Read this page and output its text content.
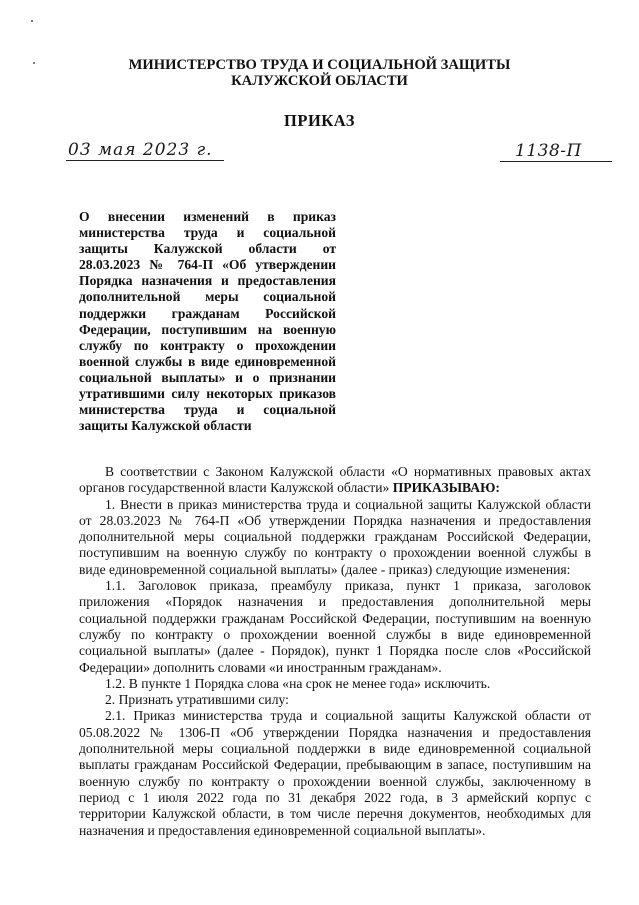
МИНИСТЕРСТВО ТРУДА И СОЦИАЛЬНОЙ ЗАЩИТЫ
КАЛУЖСКОЙ ОБЛАСТИ
ПРИКАЗ
03 мая 2023 г.	1138-П
О внесении изменений в приказ
министерства труда и социальной
защиты Калужской области от
28.03.2023 № 764-П «Об утверждении
Порядка назначения и предоставления
дополнительной меры социальной
поддержки гражданам Российской
Федерации, поступившим на военную
службу по контракту о прохождении
военной службы в виде единовременной
социальной выплаты» и о признании
утратившими силу некоторых приказов
министерства труда и социальной
защиты Калужской области
В соответствии с Законом Калужской области «О нормативных правовых актах
органов государственной власти Калужской области» ПРИКАЗЫВАЮ:
1. Внести в приказ министерства труда и социальной защиты Калужской области
от 28.03.2023 № 764-П «Об утверждении Порядка назначения и предоставления
дополнительной меры социальной поддержки гражданам Российской Федерации,
поступившим на военную службу по контракту о прохождении военной службы в
виде единовременной социальной выплаты» (далее - приказ) следующие изменения:
1.1. Заголовок приказа, преамбулу приказа, пункт 1 приказа, заголовок
приложения «Порядок назначения и предоставления дополнительной меры
социальной поддержки гражданам Российской Федерации, поступившим на военную
службу по контракту о прохождении военной службы в виде единовременной
социальной выплаты» (далее - Порядок), пункт 1 Порядка после слов «Российской
Федерации» дополнить словами «и иностранным гражданам».
1.2. В пункте 1 Порядка слова «на срок не менее года» исключить.
2. Признать утратившими силу:
2.1. Приказ министерства труда и социальной защиты Калужской области от
05.08.2022 № 1306-П «Об утверждении Порядка назначения и предоставления
дополнительной меры социальной поддержки в виде единовременной социальной
выплаты гражданам Российской Федерации, пребывающим в запасе, поступившим на
военную службу по контракту о прохождении военной службы, заключенному в
период с 1 июля 2022 года по 31 декабря 2022 года, в 3 армейский корпус с
территории Калужской области, в том числе перечня документов, необходимых для
назначения и предоставления единовременной социальной выплаты».
